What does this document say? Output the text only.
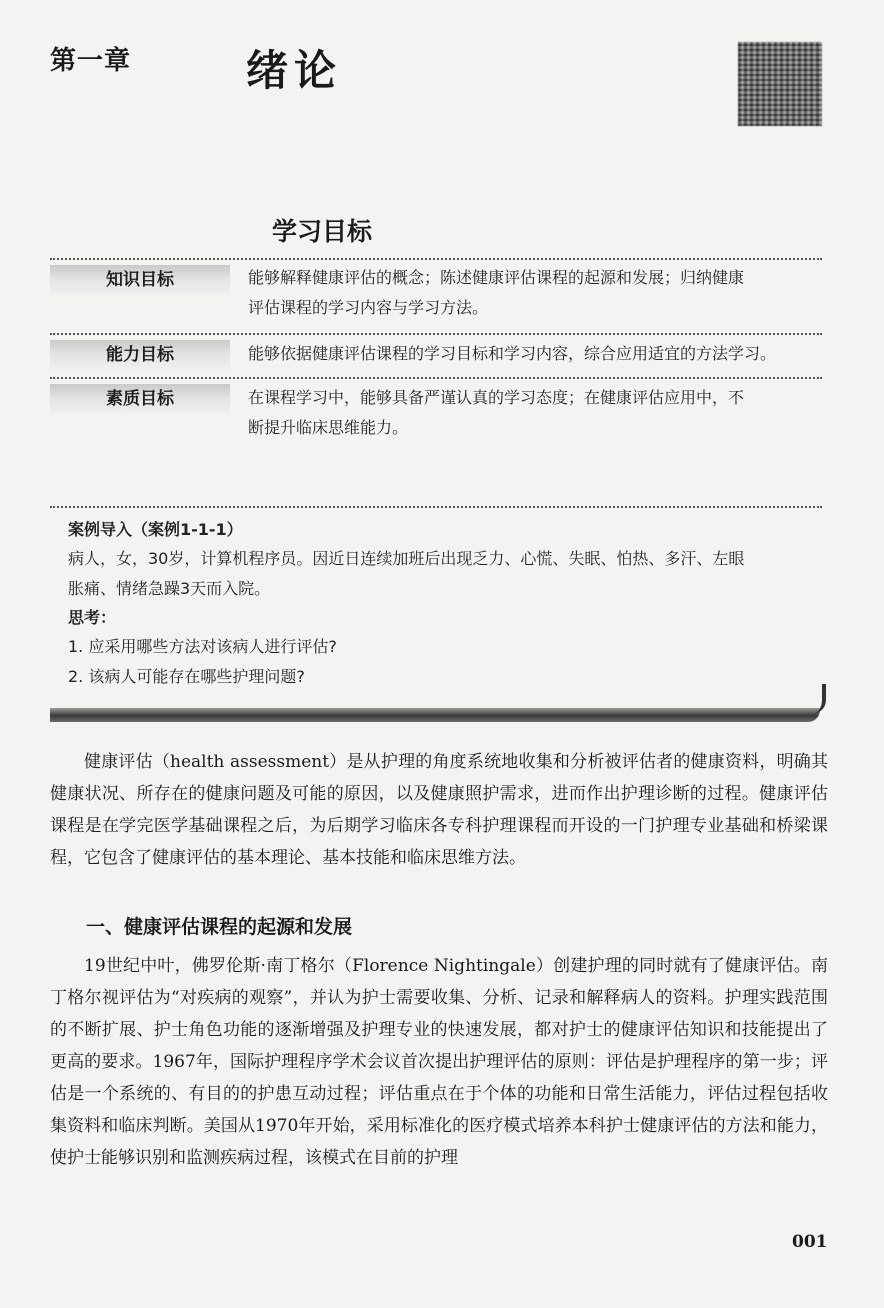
第一章	绪论
学习目标
知识目标	能够解释健康评估的概念；陈述健康评估课程的起源和发展；归纳健康
评估课程的学习内容与学习方法。
能力目标	能够依据健康评估课程的学习目标和学习内容，综合应用适宜的方法学习。
素质目标	在课程学习中，能够具备严谨认真的学习态度；在健康评估应用中，不
断提升临床思维能力。
案例导入（案例1-1-1）
病人，女，30岁，计算机程序员。因近日连续加班后出现乏力、心慌、失眠、怕热、多汗、左眼
胀痛、情绪急躁3天而入院。
思考：
1. 应采用哪些方法对该病人进行评估?
2. 该病人可能存在哪些护理问题?

健康评估（health assessment）是从护理的角度系统地收集和分析被评估者的健康资料，明确其健康状况、所存在的健康问题及可能的原因，以及健康照护需求，进而作出护理诊断的过程。健康评估课程是在学完医学基础课程之后，为后期学习临床各专科护理课程而开设的一门护理专业基础和桥梁课程，它包含了健康评估的基本理论、基本技能和临床思维方法。

一、健康评估课程的起源和发展

19世纪中叶，佛罗伦斯·南丁格尔（Florence Nightingale）创建护理的同时就有了健康评估。南丁格尔视评估为“对疾病的观察”，并认为护士需要收集、分析、记录和解释病人的资料。护理实践范围的不断扩展、护士角色功能的逐渐增强及护理专业的快速发展，都对护士的健康评估知识和技能提出了更高的要求。1967年，国际护理程序学术会议首次提出护理评估的原则：评估是护理程序的第一步；评估是一个系统的、有目的的护患互动过程；评估重点在于个体的功能和日常生活能力，评估过程包括收集资料和临床判断。美国从1970年开始，采用标准化的医疗模式培养本科护士健康评估的方法和能力，使护士能够识别和监测疾病过程，该模式在目前的护理

001
